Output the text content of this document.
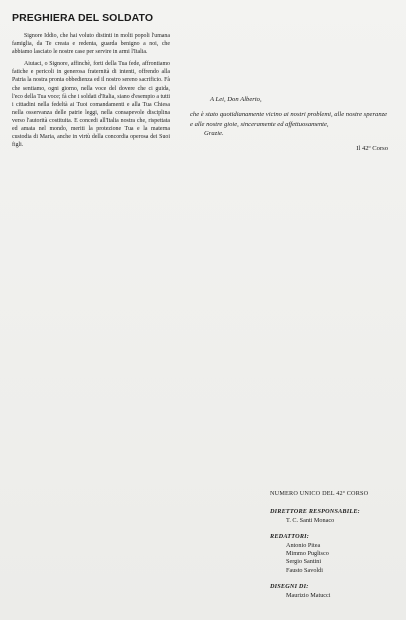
PREGHIERA DEL SOLDATO

Signore Iddio, che hai voluto distinti in molti popoli l'umana famiglia, da Te creata e redenta, guarda benigno a noi, che abbiamo lasciato le nostre case per servire in armi l'Italia.

Aiutaci, o Signore, affinchè, forti della Tua fede, affrontiamo fatiche e pericoli in generosa fraternità di intenti, offrendo alla Patria la nostra pronta obbedienza ed il nostro sereno sacrificio. Fà che sentiamo, ogni giorno, nella voce del dovere che ci guida, l'eco della Tua voce; fà che i soldati d'Italia, siano d'esempio a tutti i cittadini nella fedeltà ai Tuoi comandamenti e alla Tua Chiesa nella osservanza delle patrie leggi, nella consapevole disciplina verso l'autorità costituita. E concedi all'Italia nostra che, rispettata ed amata nel mondo, meriti la protezione Tua e la materna custodia di Maria, anche in virtù della concordia operosa dei Suoi figli.

A Lei, Don Alberto,

che è stato quotidianamente vicino ai nostri problemi, alle nostre speranze e alle nostre gioie, sinceramente ed affettuosamente,

Grazie.

Il 42º Corso

NUMERO UNICO DEL 42º CORSO

DIRETTORE RESPONSABILE:

T. C. Santi Monaco

REDATTORI:

Antonio Pitea

Mimmo Puglisco

Sergio Santini

Fausto Savoldi

DISEGNI DI:

Maurizio Matucci
